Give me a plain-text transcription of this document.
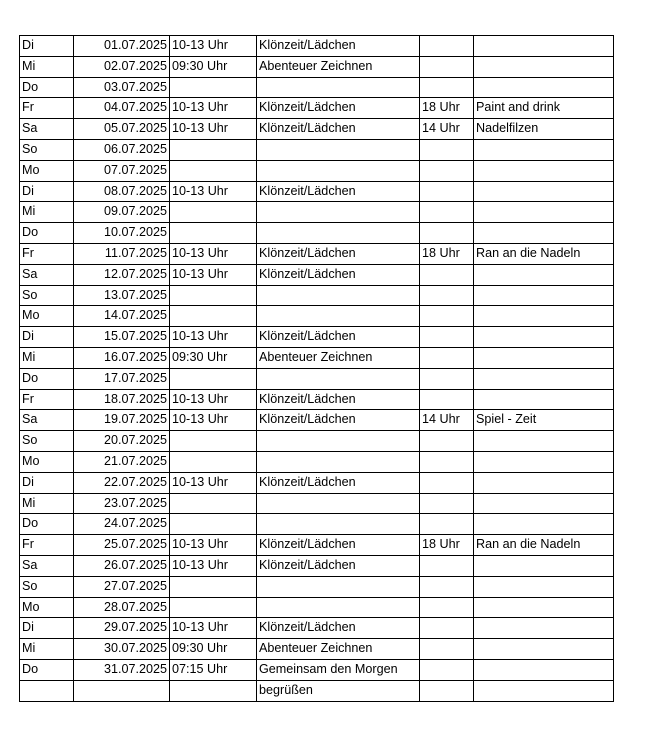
Di	01.07.2025	10-13 Uhr	Klönzeit/Lädchen		
Mi	02.07.2025	09:30 Uhr	Abenteuer Zeichnen		
Do	03.07.2025				
Fr	04.07.2025	10-13 Uhr	Klönzeit/Lädchen	18 Uhr	Paint and drink
Sa	05.07.2025	10-13 Uhr	Klönzeit/Lädchen	14 Uhr	Nadelfilzen
So	06.07.2025				
Mo	07.07.2025				
Di	08.07.2025	10-13 Uhr	Klönzeit/Lädchen		
Mi	09.07.2025				
Do	10.07.2025				
Fr	11.07.2025	10-13 Uhr	Klönzeit/Lädchen	18 Uhr	Ran an die Nadeln
Sa	12.07.2025	10-13 Uhr	Klönzeit/Lädchen		
So	13.07.2025				
Mo	14.07.2025				
Di	15.07.2025	10-13 Uhr	Klönzeit/Lädchen		
Mi	16.07.2025	09:30 Uhr	Abenteuer Zeichnen		
Do	17.07.2025				
Fr	18.07.2025	10-13 Uhr	Klönzeit/Lädchen		
Sa	19.07.2025	10-13 Uhr	Klönzeit/Lädchen	14 Uhr	Spiel - Zeit
So	20.07.2025				
Mo	21.07.2025				
Di	22.07.2025	10-13 Uhr	Klönzeit/Lädchen		
Mi	23.07.2025				
Do	24.07.2025				
Fr	25.07.2025	10-13 Uhr	Klönzeit/Lädchen	18 Uhr	Ran an die Nadeln
Sa	26.07.2025	10-13 Uhr	Klönzeit/Lädchen		
So	27.07.2025				
Mo	28.07.2025				
Di	29.07.2025	10-13 Uhr	Klönzeit/Lädchen		
Mi	30.07.2025	09:30 Uhr	Abenteuer Zeichnen		
Do	31.07.2025	07:15 Uhr	Gemeinsam den Morgen		
			begrüßen		
